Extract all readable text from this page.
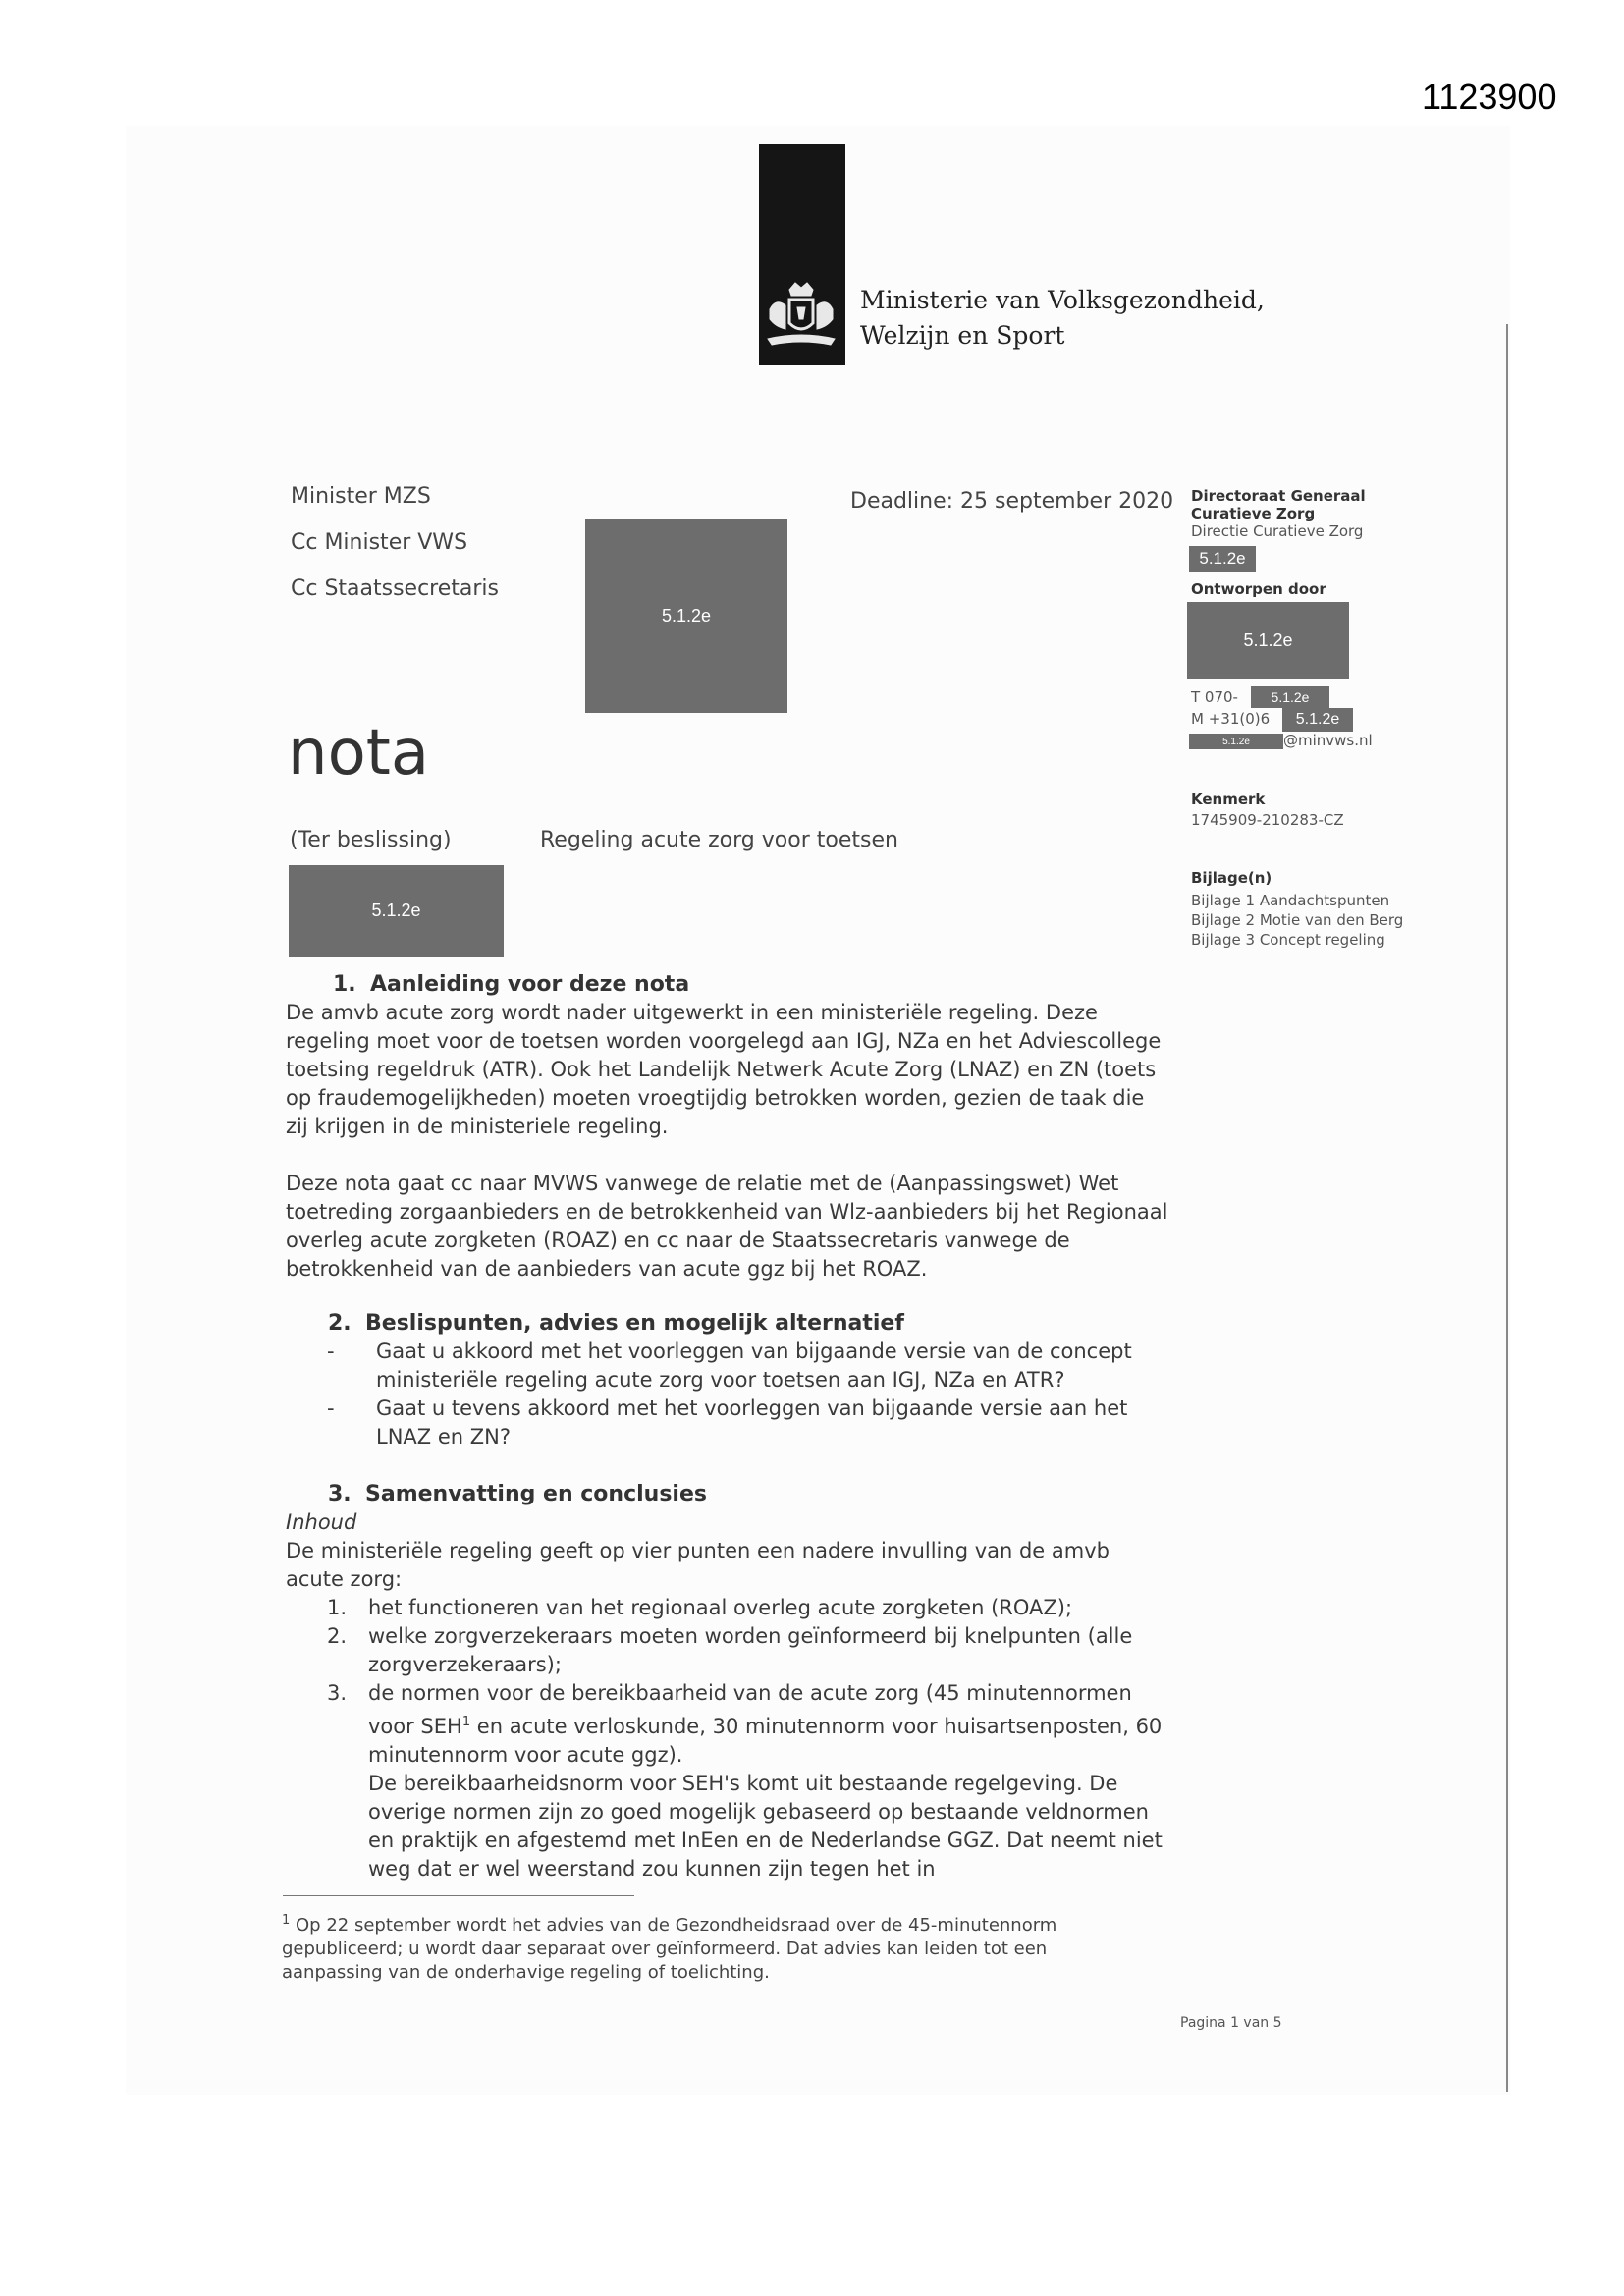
1123900
Ministerie van Volksgezondheid,
Welzijn en Sport
Minister MZS
Cc Minister VWS
Cc Staatssecretaris
5.1.2e
Deadline: 25 september 2020 Directoraat Generaal
Curatieve Zorg
Directie Curatieve Zorg
5.1.2e
Ontworpen door
5.1.2e
T 070-	5.1.2e
M +31(0)6	5.1.2e
5.1.2e	@minvws.nl
Kenmerk
1745909-210283-CZ
Bijlage(n)
Bijlage 1 Aandachtspunten
Bijlage 2 Motie van den Berg
Bijlage 3 Concept regeling
nota
(Ter beslissing)	Regeling acute zorg voor toetsen
5.1.2e
1. Aanleiding voor deze nota

De amvb acute zorg wordt nader uitgewerkt in een ministeriële regeling. Deze regeling moet voor de toetsen worden voorgelegd aan IGJ, NZa en het Adviescollege toetsing regeldruk (ATR). Ook het Landelijk Netwerk Acute Zorg (LNAZ) en ZN (toets op fraudemogelijkheden) moeten vroegtijdig betrokken worden, gezien de taak die zij krijgen in de ministeriele regeling.

Deze nota gaat cc naar MVWS vanwege de relatie met de (Aanpassingswet) Wet toetreding zorgaanbieders en de betrokkenheid van Wlz-aanbieders bij het Regionaal overleg acute zorgketen (ROAZ) en cc naar de Staatssecretaris vanwege de betrokkenheid van de aanbieders van acute ggz bij het ROAZ.

2. Beslispunten, advies en mogelijk alternatief
-	Gaat u akkoord met het voorleggen van bijgaande versie van de concept ministeriële regeling acute zorg voor toetsen aan IGJ, NZa en ATR?
-	Gaat u tevens akkoord met het voorleggen van bijgaande versie aan het LNAZ en ZN?
3. Samenvatting en conclusies
Inhoud
De ministeriële regeling geeft op vier punten een nadere invulling van de amvb acute zorg:
1.	het functioneren van het regionaal overleg acute zorgketen (ROAZ);
2.	welke zorgverzekeraars moeten worden geïnformeerd bij knelpunten (alle zorgverzekeraars);
3.	de normen voor de bereikbaarheid van de acute zorg (45 minutennormen voor SEH$^1$ en acute verloskunde, 30 minutennorm voor huisartsenposten, 60 minutennorm voor acute ggz).
De bereikbaarheidsnorm voor SEH's komt uit bestaande regelgeving. De overige normen zijn zo goed mogelijk gebaseerd op bestaande veldnormen en praktijk en afgestemd met InEen en de Nederlandse GGZ. Dat neemt niet weg dat er wel weerstand zou kunnen zijn tegen het in
$^1$ Op 22 september wordt het advies van de Gezondheidsraad over de 45-minutennorm gepubliceerd; u wordt daar separaat over geïnformeerd. Dat advies kan leiden tot een aanpassing van de onderhavige regeling of toelichting.
Pagina 1 van 5
